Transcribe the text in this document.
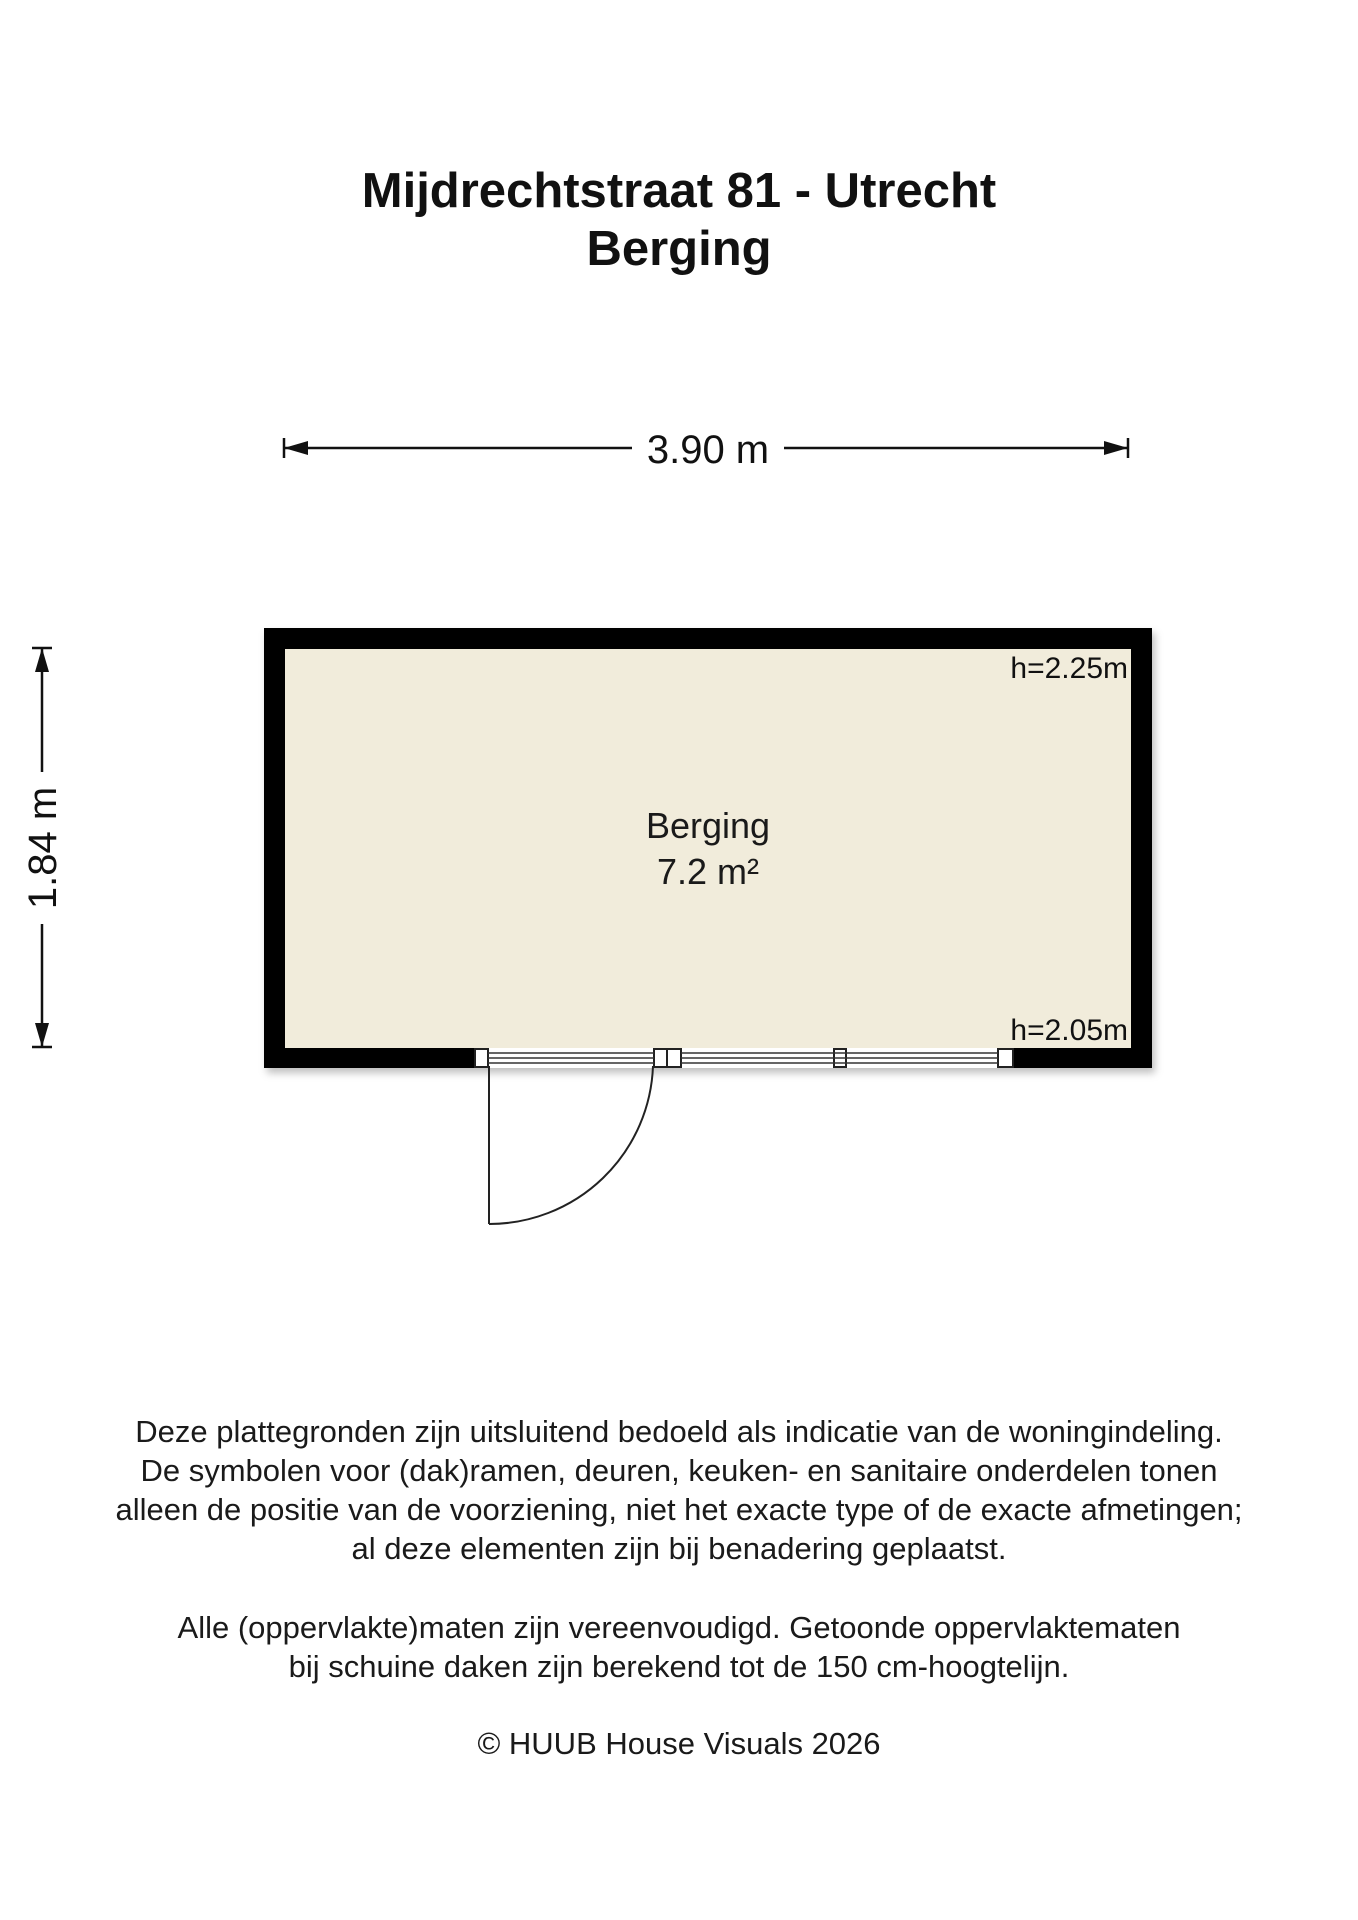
Mijdrechtstraat 81 - Utrecht
Berging
3.90 m
1.84 m	Berging
7.2 m²
h=2.25m
h=2.05m
Deze plattegronden zijn uitsluitend bedoeld als indicatie van de woningindeling.
De symbolen voor (dak)ramen, deuren, keuken- en sanitaire onderdelen tonen
alleen de positie van de voorziening, niet het exacte type of de exacte afmetingen;
al deze elementen zijn bij benadering geplaatst.
Alle (oppervlakte)maten zijn vereenvoudigd. Getoonde oppervlaktematen
bij schuine daken zijn berekend tot de 150 cm-hoogtelijn.
© HUUB House Visuals 2026
